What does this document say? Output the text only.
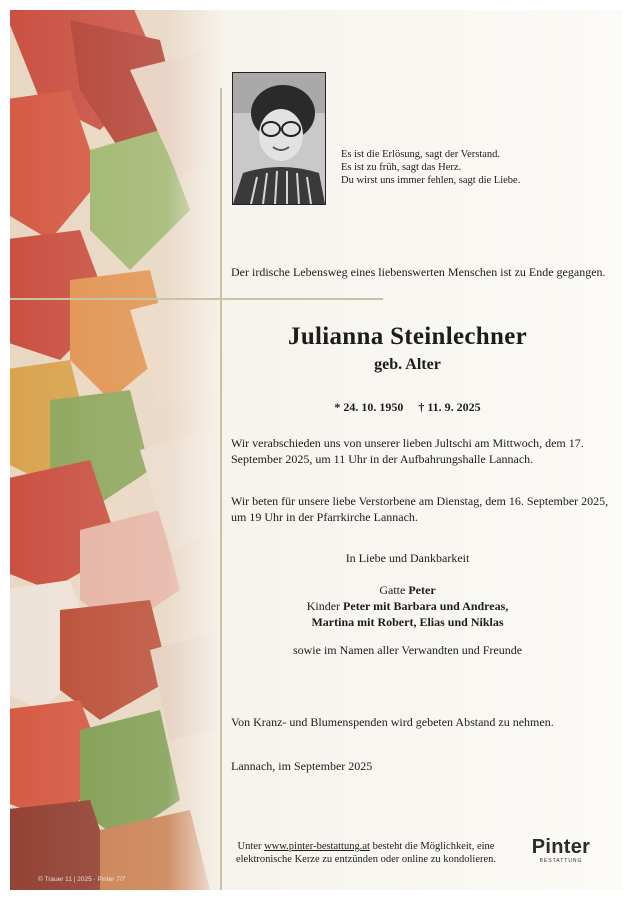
Es ist die Erlösung, sagt der Verstand.
Es ist zu früh, sagt das Herz.
Du wirst uns immer fehlen, sagt die Liebe.
Der irdische Lebensweg eines liebenswerten Menschen ist zu Ende gegangen.
Julianna Steinlechner
geb. Alter
* 24. 10. 1950 † 11. 9. 2025
Wir verabschieden uns von unserer lieben Jultschi am Mittwoch, dem 17. September 2025, um 11 Uhr in der Aufbahrungshalle Lannach.
Wir beten für unsere liebe Verstorbene am Dienstag, dem 16. September 2025, um 19 Uhr in der Pfarrkirche Lannach.
In Liebe und Dankbarkeit
Gatte Peter
Kinder Peter mit Barbara und Andreas,
Martina mit Robert, Elias und Niklas
sowie im Namen aller Verwandten und Freunde
Von Kranz- und Blumenspenden wird gebeten Abstand zu nehmen.
Lannach, im September 2025
Unter www.pinter-bestattung.at besteht die Möglichkeit, eine elektronische Kerze zu entzünden oder online zu kondolieren.
Pinter
BESTATTUNG
© Trauer 11 | 2025 · Pinter 7/7
